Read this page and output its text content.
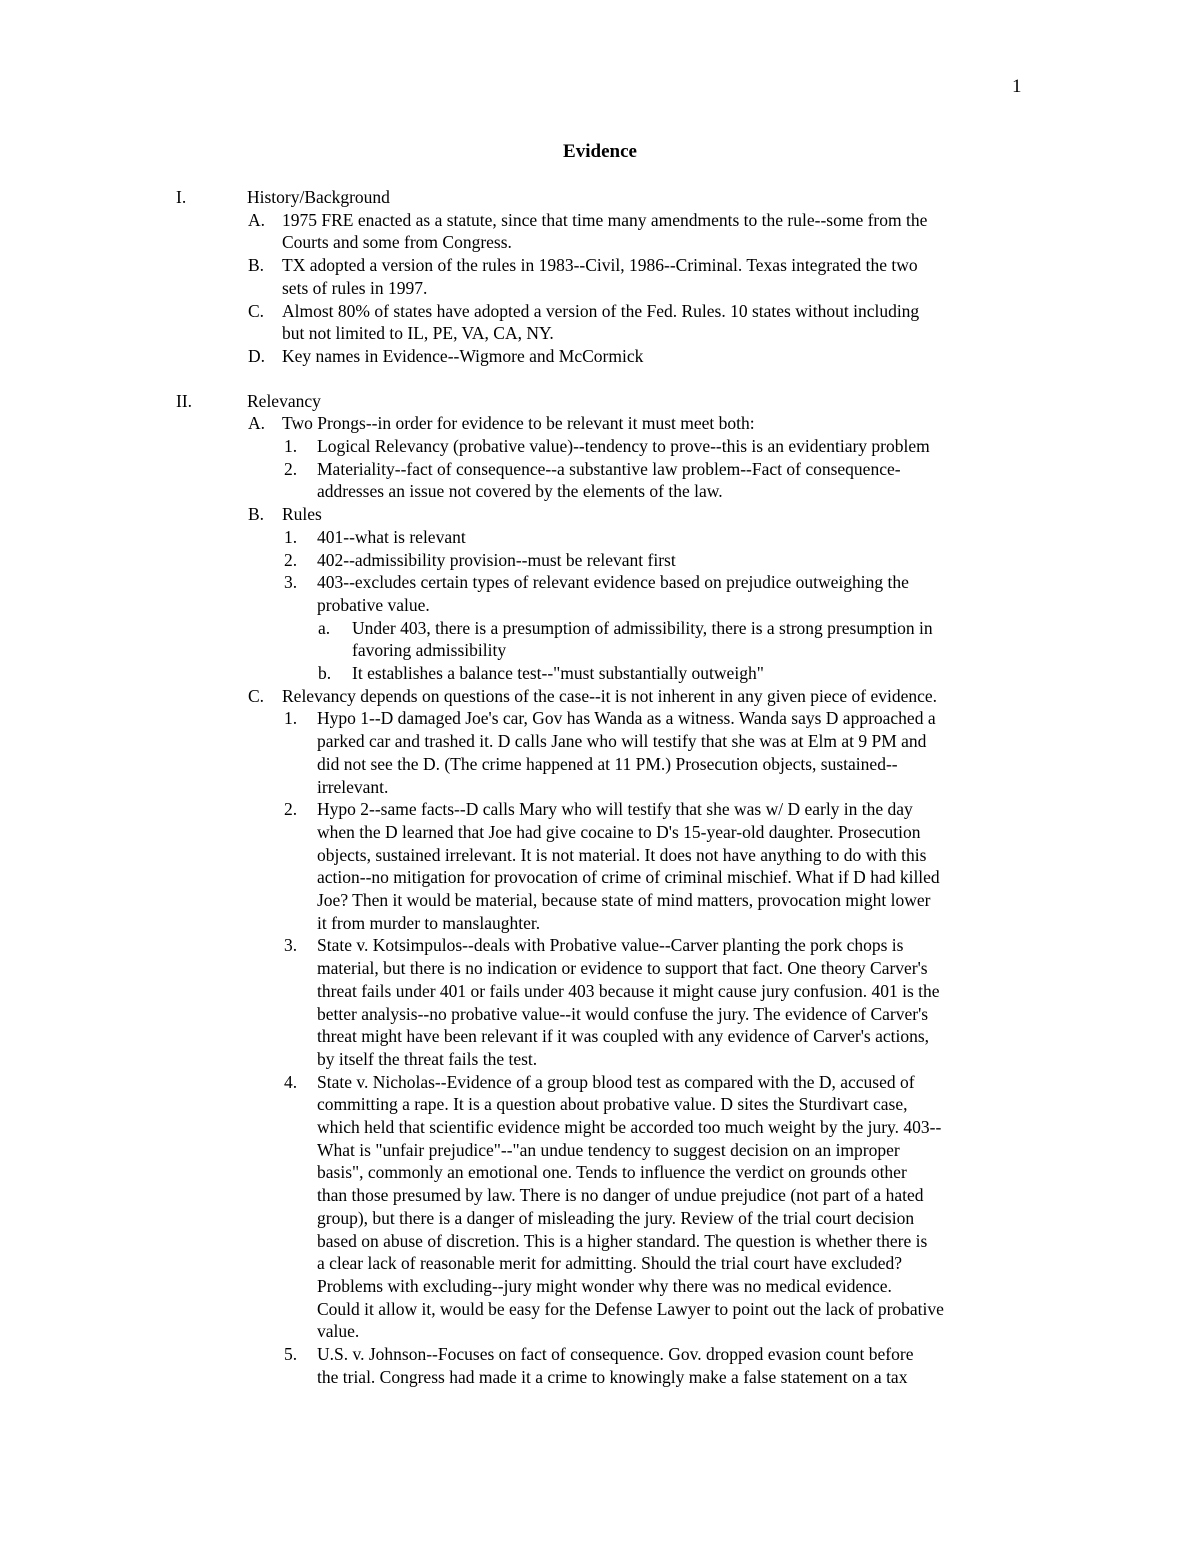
1
Evidence
I.	History/Background
A. 1975 FRE enacted as a statute, since that time many amendments to the rule--some from the
Courts and some from Congress.
B. TX adopted a version of the rules in 1983--Civil, 1986--Criminal. Texas integrated the two
sets of rules in 1997.
C. Almost 80% of states have adopted a version of the Fed. Rules. 10 states without including
but not limited to IL, PE, VA, CA, NY.
D. Key names in Evidence--Wigmore and McCormick
II.	Relevancy
A. Two Prongs--in order for evidence to be relevant it must meet both:
1. Logical Relevancy (probative value)--tendency to prove--this is an evidentiary problem
2. Materiality--fact of consequence--a substantive law problem--Fact of consequence-
addresses an issue not covered by the elements of the law.
B. Rules
1. 401--what is relevant
2. 402--admissibility provision--must be relevant first
3. 403--excludes certain types of relevant evidence based on prejudice outweighing the
probative value.
a. Under 403, there is a presumption of admissibility, there is a strong presumption in
favoring admissibility
b. It establishes a balance test--"must substantially outweigh"
C. Relevancy depends on questions of the case--it is not inherent in any given piece of evidence.
1. Hypo 1--D damaged Joe's car, Gov has Wanda as a witness. Wanda says D approached a
parked car and trashed it. D calls Jane who will testify that she was at Elm at 9 PM and
did not see the D. (The crime happened at 11 PM.) Prosecution objects, sustained--
irrelevant.
2. Hypo 2--same facts--D calls Mary who will testify that she was w/ D early in the day
when the D learned that Joe had give cocaine to D's 15-year-old daughter. Prosecution
objects, sustained irrelevant. It is not material. It does not have anything to do with this
action--no mitigation for provocation of crime of criminal mischief. What if D had killed
Joe? Then it would be material, because state of mind matters, provocation might lower
it from murder to manslaughter.
3. State v. Kotsimpulos--deals with Probative value--Carver planting the pork chops is
material, but there is no indication or evidence to support that fact. One theory Carver's
threat fails under 401 or fails under 403 because it might cause jury confusion. 401 is the
better analysis--no probative value--it would confuse the jury. The evidence of Carver's
threat might have been relevant if it was coupled with any evidence of Carver's actions,
by itself the threat fails the test.
4. State v. Nicholas--Evidence of a group blood test as compared with the D, accused of
committing a rape. It is a question about probative value. D sites the Sturdivart case,
which held that scientific evidence might be accorded too much weight by the jury. 403--
What is "unfair prejudice"--"an undue tendency to suggest decision on an improper
basis", commonly an emotional one. Tends to influence the verdict on grounds other
than those presumed by law. There is no danger of undue prejudice (not part of a hated
group), but there is a danger of misleading the jury. Review of the trial court decision
based on abuse of discretion. This is a higher standard. The question is whether there is
a clear lack of reasonable merit for admitting. Should the trial court have excluded?
Problems with excluding--jury might wonder why there was no medical evidence.
Could it allow it, would be easy for the Defense Lawyer to point out the lack of probative
value.
5. U.S. v. Johnson--Focuses on fact of consequence. Gov. dropped evasion count before
the trial. Congress had made it a crime to knowingly make a false statement on a tax
